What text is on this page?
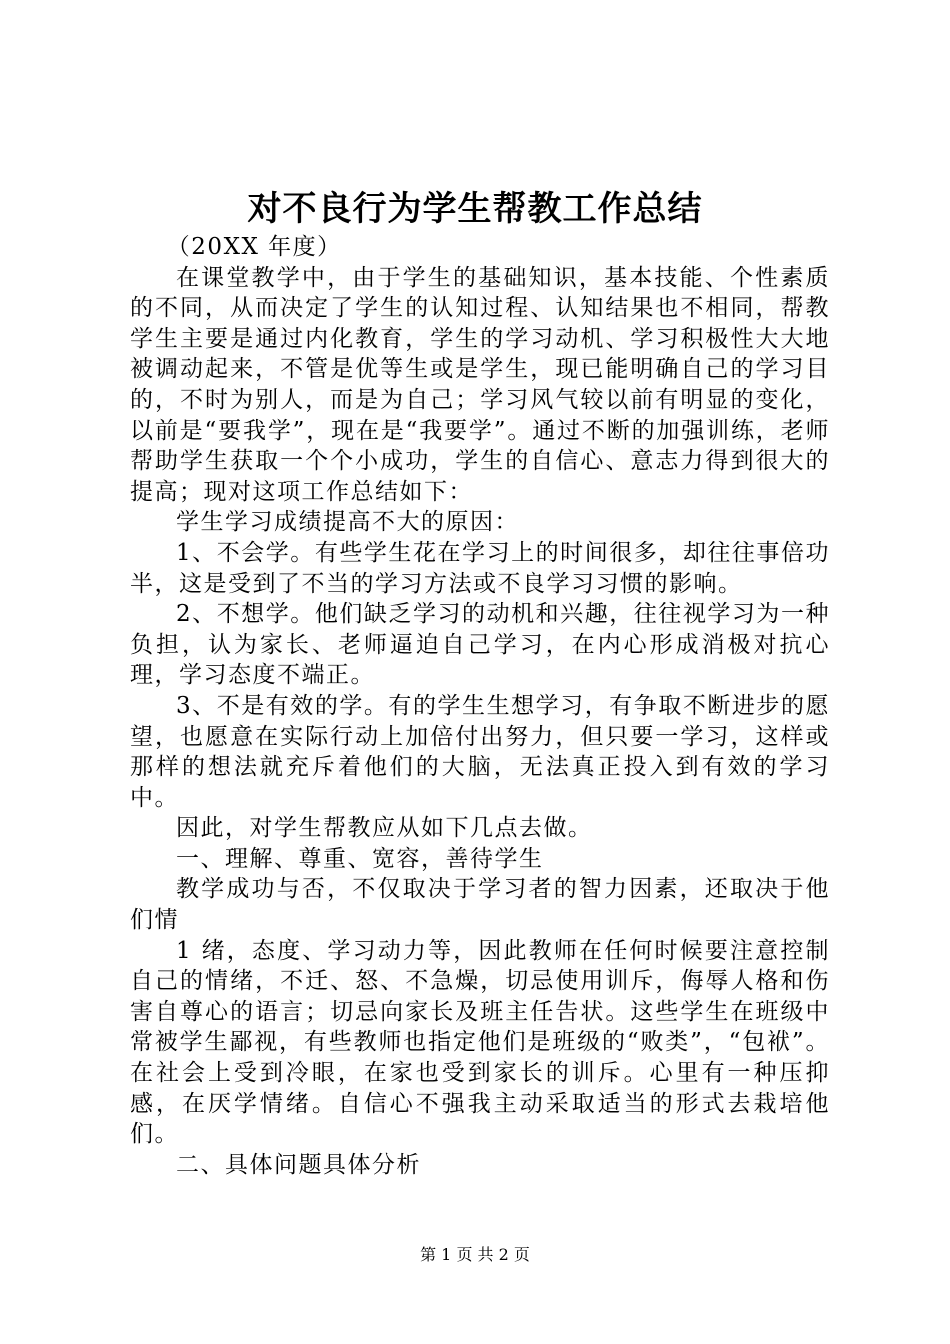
对不良行为学生帮教工作总结

（20XX 年度）

在课堂教学中，由于学生的基础知识，基本技能、个性素质的不同，从而决定了学生的认知过程、认知结果也不相同，帮教学生主要是通过内化教育，学生的学习动机、学习积极性大大地被调动起来，不管是优等生或是学生，现已能明确自己的学习目的，不时为别人，而是为自己；学习风气较以前有明显的变化，以前是“要我学”，现在是“我要学”。通过不断的加强训练，老师帮助学生获取一个个小成功，学生的自信心、意志力得到很大的提高；现对这项工作总结如下：

学生学习成绩提高不大的原因：

1、不会学。有些学生花在学习上的时间很多，却往往事倍功半，这是受到了不当的学习方法或不良学习习惯的影响。

2、不想学。他们缺乏学习的动机和兴趣，往往视学习为一种负担，认为家长、老师逼迫自己学习，在内心形成消极对抗心理，学习态度不端正。

3、不是有效的学。有的学生生想学习，有争取不断进步的愿望，也愿意在实际行动上加倍付出努力，但只要一学习，这样或那样的想法就充斥着他们的大脑，无法真正投入到有效的学习中。

因此，对学生帮教应从如下几点去做。

一、理解、尊重、宽容，善待学生

教学成功与否，不仅取决于学习者的智力因素，还取决于他们情

1 绪，态度、学习动力等，因此教师在任何时候要注意控制自己的情绪，不迁、怒、不急燥，切忌使用训斥，侮辱人格和伤害自尊心的语言；切忌向家长及班主任告状。这些学生在班级中常被学生鄙视，有些教师也指定他们是班级的“败类”，“包袱”。在社会上受到冷眼，在家也受到家长的训斥。心里有一种压抑感，在厌学情绪。自信心不强我主动采取适当的形式去栽培他们。

二、具体问题具体分析

第 1 页 共 2 页
